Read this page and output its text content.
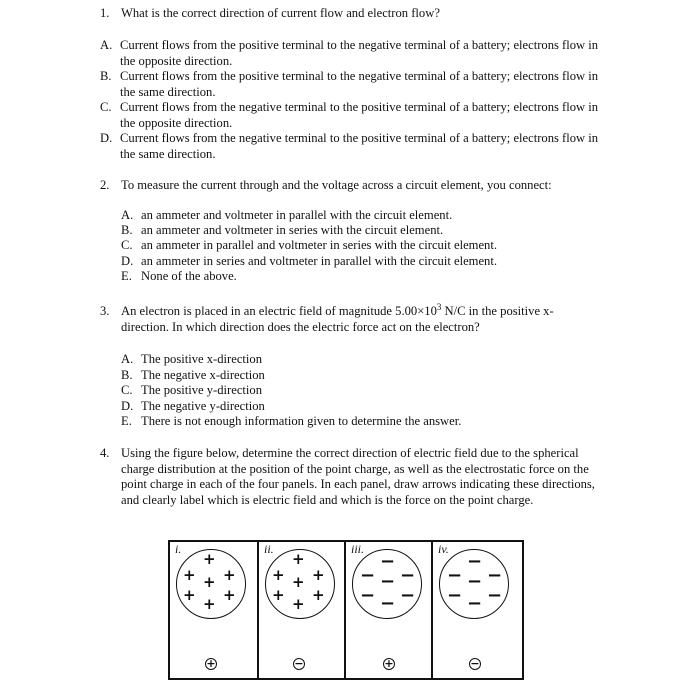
1. What is the correct direction of current flow and electron flow?
A. Current flows from the positive terminal to the negative terminal of a battery; electrons flow in the opposite direction.
B. Current flows from the positive terminal to the negative terminal of a battery; electrons flow in the same direction.
C. Current flows from the negative terminal to the positive terminal of a battery; electrons flow in the opposite direction.
D. Current flows from the negative terminal to the positive terminal of a battery; electrons flow in the same direction.
2. To measure the current through and the voltage across a circuit element, you connect:
A. an ammeter and voltmeter in parallel with the circuit element.
B. an ammeter and voltmeter in series with the circuit element.
C. an ammeter in parallel and voltmeter in series with the circuit element.
D. an ammeter in series and voltmeter in parallel with the circuit element.
E. None of the above.
3. An electron is placed in an electric field of magnitude $5.00\times 10^3$ N/C in the positive x-direction. In which direction does the electric force act on the electron?
A. The positive x-direction
B. The negative x-direction
C. The positive y-direction
D. The negative y-direction
E. There is not enough information given to determine the answer.
4. Using the figure below, determine the correct direction of electric field due to the spherical charge distribution at the position of the point charge, as well as the electrostatic force on the point charge in each of the four panels. In each panel, draw arrows indicating these directions, and clearly label which is electric field and which is the force on the point charge.
i.
+
+ + +
+ + +
+
ii.
+
+ + +
+ + +
−
iii.
−
− − −
− − −
+
iv.
−
− − −
− − −
−
